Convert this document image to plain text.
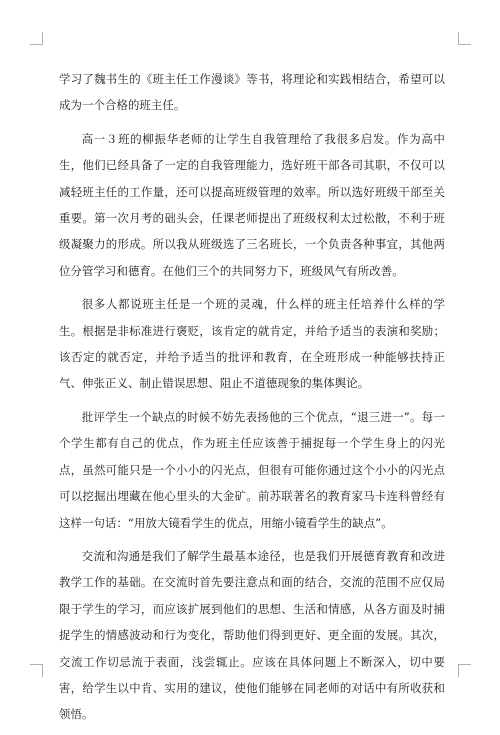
学习了魏书生的《班主任工作漫谈》等书，将理论和实践相结合，希望可以成为一个合格的班主任。

高一３班的柳振华老师的让学生自我管理给了我很多启发。作为高中生，他们已经具备了一定的自我管理能力，选好班干部各司其职，不仅可以减轻班主任的工作量，还可以提高班级管理的效率。所以选好班级干部至关重要。第一次月考的础头会，任课老师提出了班级权利太过松散，不利于班级凝聚力的形成。所以我从班级选了三名班长，一个负责各种事宜，其他两位分管学习和德育。在他们三个的共同努力下，班级风气有所改善。

很多人都说班主任是一个班的灵魂，什么样的班主任培养什么样的学生。根据是非标准进行褒贬，该肯定的就肯定，并给予适当的表演和奖励；该否定的就否定，并给予适当的批评和教育，在全班形成一种能够扶持正气、伸张正义、制止错误思想、阻止不道德现象的集体舆论。

批评学生一个缺点的时候不妨先表扬他的三个优点，“退三进一”。每一个学生都有自己的优点，作为班主任应该善于捕捉每一个学生身上的闪光点，虽然可能只是一个小小的闪光点，但很有可能你通过这个小小的闪光点可以挖掘出埋藏在他心里头的大金矿。前苏联著名的教育家马卡连科曾经有这样一句话：“用放大镜看学生的优点，用缩小镜看学生的缺点”。

交流和沟通是我们了解学生最基本途径，也是我们开展德育教育和改进教学工作的基础。在交流时首先要注意点和面的结合，交流的范围不应仅局限于学生的学习，而应该扩展到他们的思想、生活和情感，从各方面及时捕捉学生的情感波动和行为变化，帮助他们得到更好、更全面的发展。其次，交流工作切忌流于表面，浅尝辄止。应该在具体问题上不断深入，切中要害，给学生以中肯、实用的建议，使他们能够在同老师的对话中有所收获和领悟。
